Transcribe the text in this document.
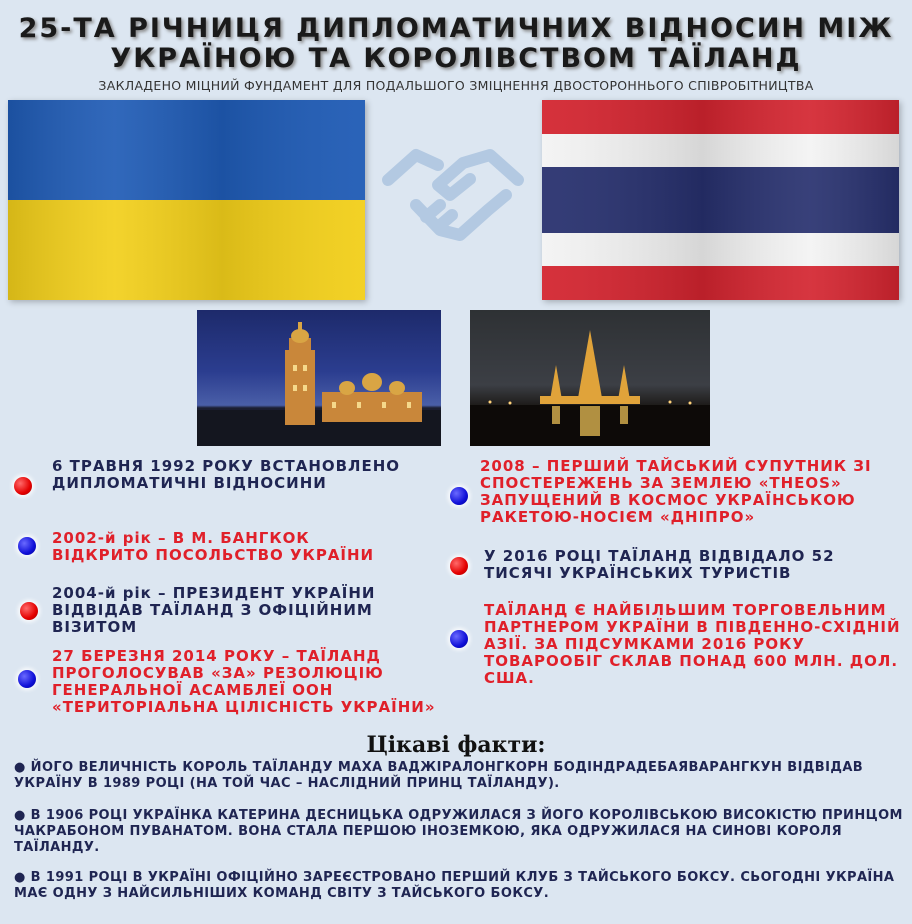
25-ТА РІЧНИЦЯ ДИПЛОМАТИЧНИХ ВІДНОСИН МІЖ
УКРАЇНОЮ ТА КОРОЛІВСТВОМ ТАЇЛАНД
ЗАКЛАДЕНО МІЦНИЙ ФУНДАМЕНТ ДЛЯ ПОДАЛЬШОГО ЗМІЦНЕННЯ ДВОСТОРОННЬОГО СПІВРОБІТНИЦТВА
6 ТРАВНЯ 1992 РОКУ ВСТАНОВЛЕНО ДИПЛОМАТИЧНІ ВІДНОСИНИ
2002-й рік – В М. БАНГКОК ВІДКРИТО ПОСОЛЬСТВО УКРАЇНИ
2004-й рік – ПРЕЗИДЕНТ УКРАЇНИ ВІДВІДАВ ТАЇЛАНД З ОФІЦІЙНИМ ВІЗИТОМ
27 БЕРЕЗНЯ 2014 РОКУ – ТАЇЛАНД ПРОГОЛОСУВАВ «ЗА» РЕЗОЛЮЦІЮ ГЕНЕРАЛЬНОЇ АСАМБЛЕЇ ООН «ТЕРИТОРІАЛЬНА ЦІЛІСНІСТЬ УКРАЇНИ»
2008 – ПЕРШИЙ ТАЙСЬКИЙ СУПУТНИК ЗІ СПОСТЕРЕЖЕНЬ ЗА ЗЕМЛЕЮ «THEOS» ЗАПУЩЕНИЙ В КОСМОС УКРАЇНСЬКОЮ РАКЕТОЮ-НОСІЄМ «ДНІПРО»
У 2016 РОЦІ ТАЇЛАНД ВІДВІДАЛО 52 ТИСЯЧІ УКРАЇНСЬКИХ ТУРИСТІВ
ТАЇЛАНД Є НАЙБІЛЬШИМ ТОРГОВЕЛЬНИМ ПАРТНЕРОМ УКРАЇНИ В ПІВДЕННО-СХІДНІЙ АЗІЇ. ЗА ПІДСУМКАМИ 2016 РОКУ ТОВАРООБІГ СКЛАВ ПОНАД 600 МЛН. ДОЛ. США.
Цікаві факти:
● ЙОГО ВЕЛИЧНІСТЬ КОРОЛЬ ТАЇЛАНДУ МАХА ВАДЖІРАЛОНГКОРН БОДІНДРАДЕБАЯВАРАНГКУН ВІДВІДАВ УКРАЇНУ В 1989 РОЦІ (НА ТОЙ ЧАС – НАСЛІДНИЙ ПРИНЦ ТАЇЛАНДУ).
● В 1906 РОЦІ УКРАЇНКА КАТЕРИНА ДЕСНИЦЬКА ОДРУЖИЛАСЯ З ЙОГО КОРОЛІВСЬКОЮ ВИСОКІСТЮ ПРИНЦОМ ЧАКРАБОНОМ ПУВАНАТОМ. ВОНА СТАЛА ПЕРШОЮ ІНОЗЕМКОЮ, ЯКА ОДРУЖИЛАСЯ НА СИНОВІ КОРОЛЯ ТАЇЛАНДУ.
● В 1991 РОЦІ В УКРАЇНІ ОФІЦІЙНО ЗАРЕЄСТРОВАНО ПЕРШИЙ КЛУБ З ТАЙСЬКОГО БОКСУ. СЬОГОДНІ УКРАЇНА МАЄ ОДНУ З НАЙСИЛЬНІШИХ КОМАНД СВІТУ З ТАЙСЬКОГО БОКСУ.
